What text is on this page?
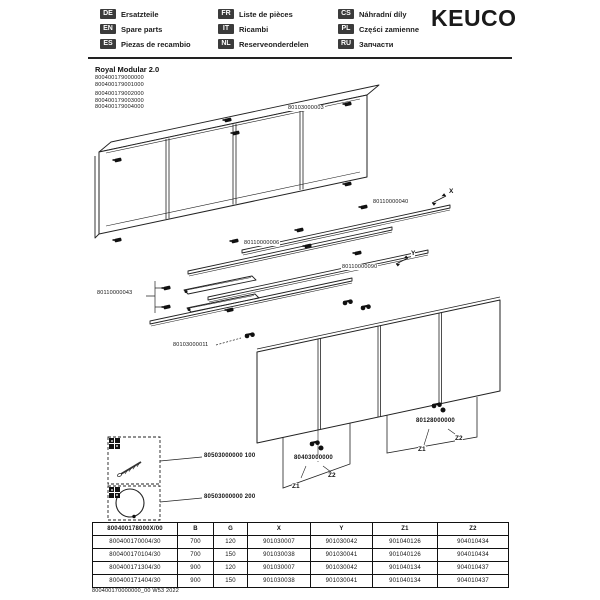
DE	Ersatzteile
EN	Spare parts
ES	Piezas de recambio
FR	Liste de pièces
IT	Ricambi
NL	Reserveonderdelen
CS	Náhradní díly
PL	Części zamienne
RU	Запчасти
KEUCO
Royal Modular 2.0
800400179000000
800400179001000
800400179002000
800400179003000
800400179004000	80103000003
80110000040
80110000006
80110000090
80110000043
80103000011
80403000000
80128000000
80503000000 100
80503000000 200
X
Y
Z1
Z2
Z1
Z2
800400178000X/00	B	G	X	Y	Z1	Z2
800400170004/30	700	120	901030007	901030042	901040126	904010434
800400170104/30	700	150	901030038	901030041	901040126	904010434
800400171304/30	900	120	901030007	901030042	901040134	904010437
800400171404/30	900	150	901030038	901030041	901040134	904010437
800400170000000_00 W53 2022
